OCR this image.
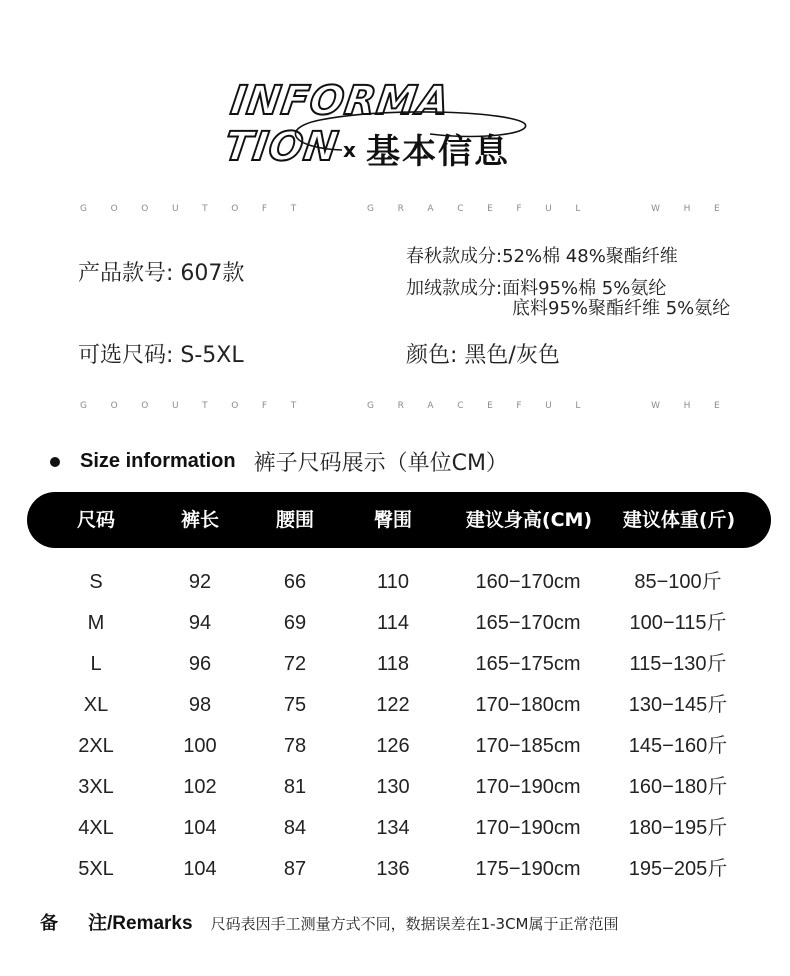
INFORMA TION x 基本信息
G	O	O	U	T	O	F	T	G	R	A	C	E	F	U	L	W	H	E
产品款号: 607款
春秋款成分:52%棉 48%聚酯纤维
加绒款成分:面料95%棉 5%氨纶
底料95%聚酯纤维 5%氨纶
可选尺码: S-5XL	颜色: 黑色/灰色
G	O	O	U	T	O	F	T	G	R	A	C	E	F	U	L	W	H	E
Size information 裤子尺码展示（单位CM）
尺码	裤长	腰围	臀围	建议身高(CM) 建议体重(斤)
S	92	66	110	160−170cm	85−100斤
M	94	69	114	165−170cm 100−115斤
L	96	72	118	165−175cm 115−130斤
XL	98	75	122	170−180cm 130−145斤
2XL	100	78	126	170−185cm 145−160斤
3XL	102	81	130	170−190cm 160−180斤
4XL	104	84	134	170−190cm 180−195斤
5XL	104	87	136	175−190cm 195−205斤
备 注/Remarks 尺码表因手工测量方式不同，数据误差在1-3CM属于正常范围
